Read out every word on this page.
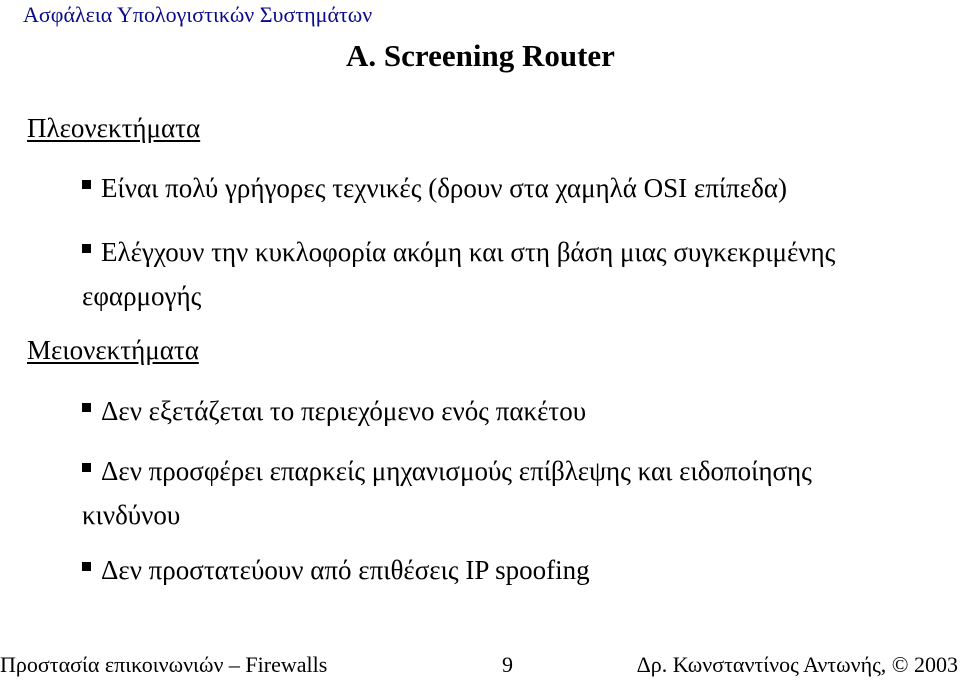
Ασφάλεια Υπολογιστικών Συστημάτων
A. Screening Router
Πλεονεκτήματα
Είναι πολύ γρήγορες τεχνικές (δρουν στα χαμηλά OSI επίπεδα)
Ελέγχουν την κυκλοφορία ακόμη και στη βάση μιας συγκεκριμένης εφαρμογής
Μειονεκτήματα
Δεν εξετάζεται το περιεχόμενο ενός πακέτου
Δεν προσφέρει επαρκείς μηχανισμούς επίβλεψης και ειδοποίησης κινδύνου
Δεν προστατεύουν από επιθέσεις IP spoofing
Προστασία επικοινωνιών – Firewalls	9	Δρ. Κωνσταντίνος Αντωνής, © 2003
